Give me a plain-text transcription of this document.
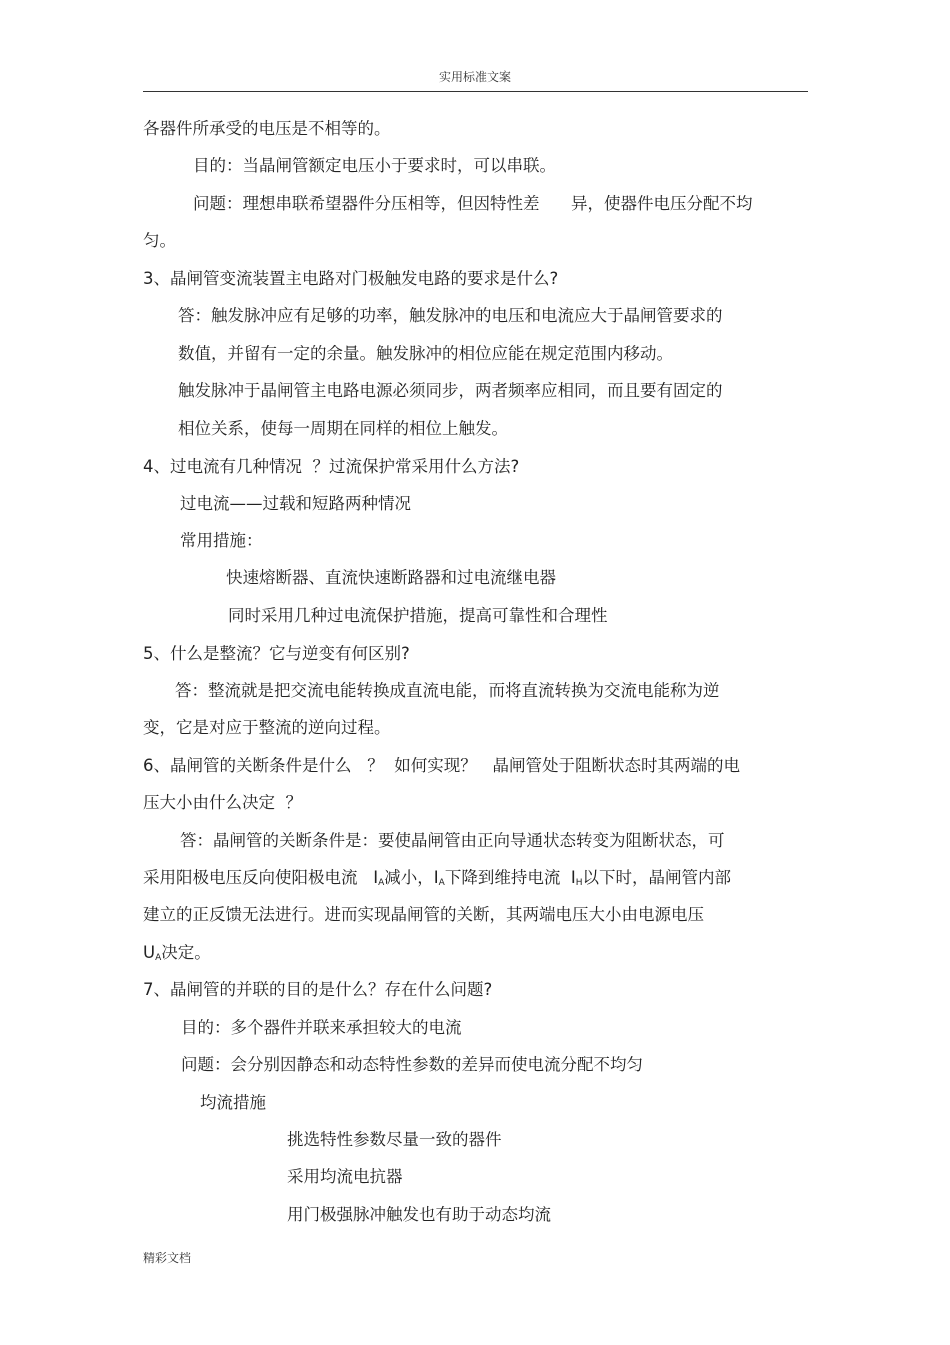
实用标准文案
各器件所承受的电压是不相等的。
目的：当晶闸管额定电压小于要求时，可以串联。
问题：理想串联希望器件分压相等，但因特性差      异，使器件电压分配不均
匀。
3、晶闸管变流装置主电路对门极触发电路的要求是什么?
答：触发脉冲应有足够的功率，触发脉冲的电压和电流应大于晶闸管要求的
数值，并留有一定的余量。触发脉冲的相位应能在规定范围内移动。
触发脉冲于晶闸管主电路电源必须同步，两者频率应相同，而且要有固定的
相位关系，使每一周期在同样的相位上触发。
4、过电流有几种情况  ？过流保护常采用什么方法?
过电流——过载和短路两种情况
常用措施：
快速熔断器、直流快速断路器和过电流继电器
同时采用几种过电流保护措施，提高可靠性和合理性
5、什么是整流？它与逆变有何区别?
答：整流就是把交流电能转换成直流电能，而将直流转换为交流电能称为逆
变，它是对应于整流的逆向过程。
6、晶闸管的关断条件是什么   ？  如何实现？   晶闸管处于阻断状态时其两端的电
压大小由什么决定  ？
答：晶闸管的关断条件是：要使晶闸管由正向导通状态转变为阻断状态，可
采用阳极电压反向使阳极电流   $I_A$减小，$I_A$下降到维持电流  $I_H$以下时，晶闸管内部
建立的正反馈无法进行。进而实现晶闸管的关断，其两端电压大小由电源电压
$U_A$决定。
7、晶闸管的并联的目的是什么？存在什么问题?
目的：多个器件并联来承担较大的电流
问题：会分别因静态和动态特性参数的差异而使电流分配不均匀
均流措施
挑选特性参数尽量一致的器件
采用均流电抗器
用门极强脉冲触发也有助于动态均流
精彩文档
